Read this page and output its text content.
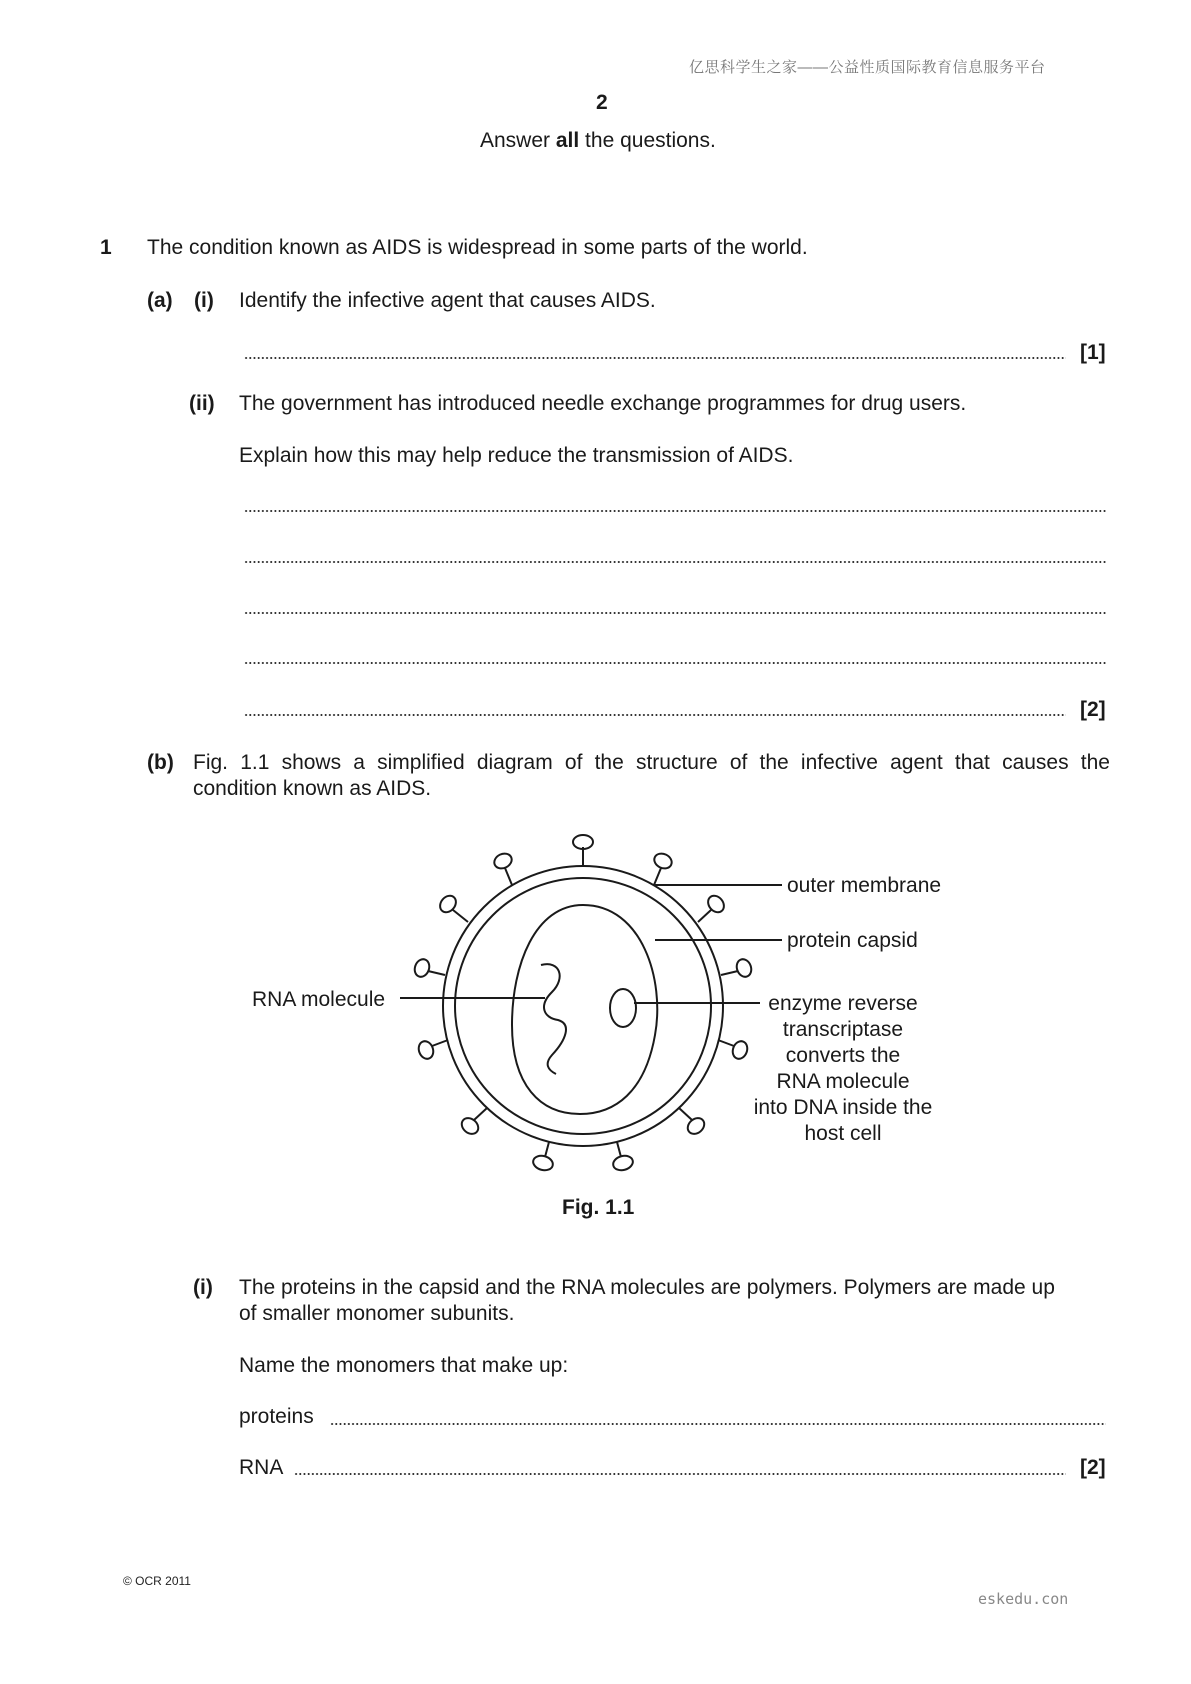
亿思科学生之家——公益性质国际教育信息服务平台
2
Answer all the questions.
1 The condition known as AIDS is widespread in some parts of the world.
(a) (i) Identify the infective agent that causes AIDS.
[1]
(ii) The government has introduced needle exchange programmes for drug users.
Explain how this may help reduce the transmission of AIDS.
[2]
(b) Fig. 1.1 shows a simplified diagram of the structure of the infective agent that causes the
condition known as AIDS.
outer membrane
protein capsid
RNA molecule	enzyme reverse
transcriptase
converts the
RNA molecule
into DNA inside the
host cell
Fig. 1.1
(i) The proteins in the capsid and the RNA molecules are polymers. Polymers are made up
of smaller monomer subunits.
Name the monomers that make up:
proteins
RNA	[2]
© OCR 2011
eskedu.con
